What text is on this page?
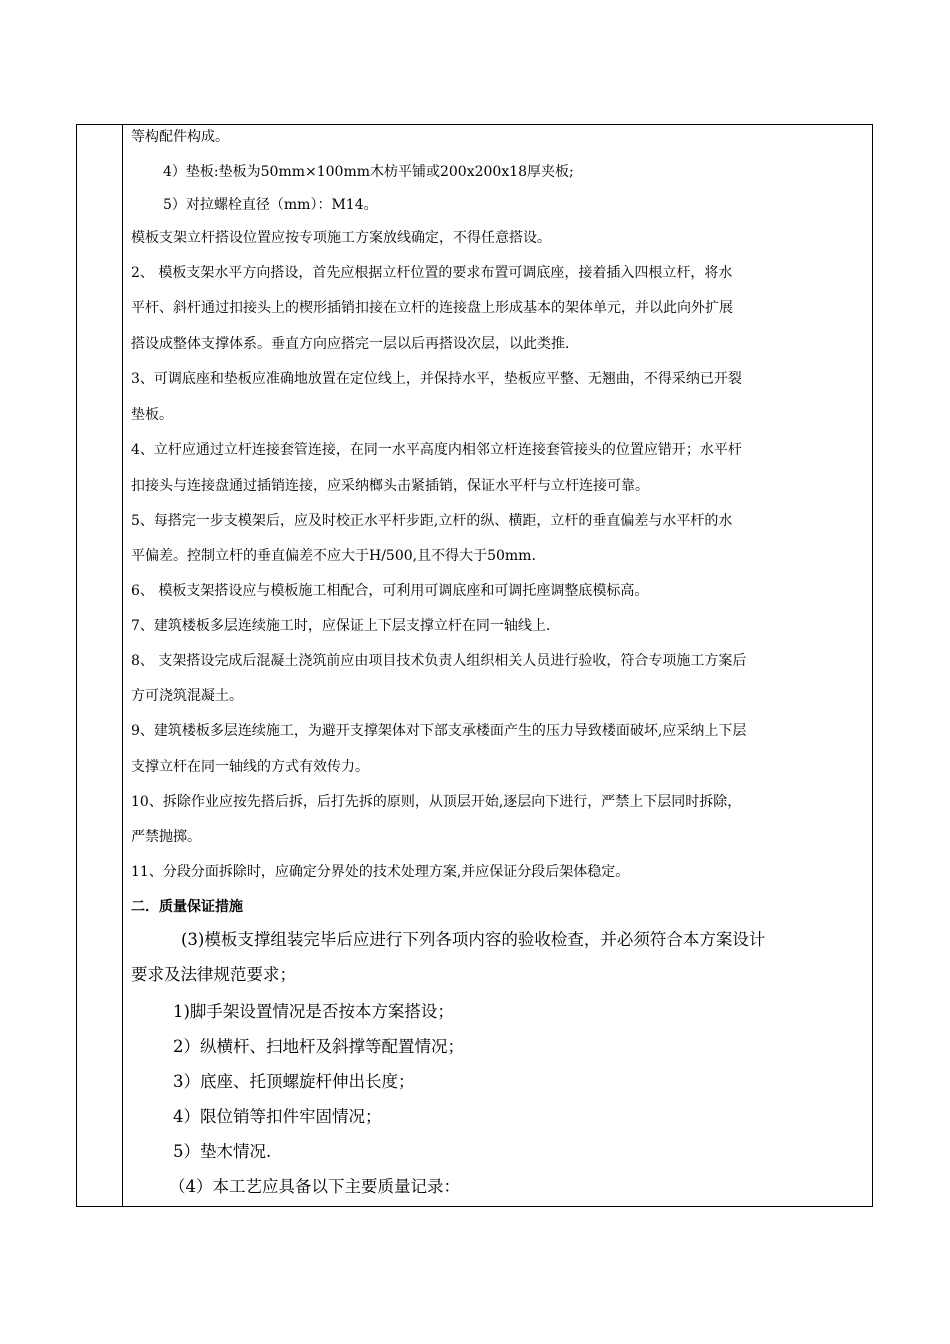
等构配件构成。
4）垫板:垫板为50mm×100mm木枋平铺或200x200x18厚夹板;
5）对拉螺栓直径（mm）：M14。
模板支架立杆搭设位置应按专项施工方案放线确定，不得任意搭设。
2、 模板支架水平方向搭设，首先应根据立杆位置的要求布置可调底座，接着插入四根立杆，将水
平杆、斜杆通过扣接头上的楔形插销扣接在立杆的连接盘上形成基本的架体单元，并以此向外扩展
搭设成整体支撑体系。垂直方向应搭完一层以后再搭设次层，以此类推.
3、可调底座和垫板应准确地放置在定位线上，并保持水平，垫板应平整、无翘曲，不得采纳已开裂
垫板。
4、立杆应通过立杆连接套管连接，在同一水平高度内相邻立杆连接套管接头的位置应错开；水平杆
扣接头与连接盘通过插销连接，应采纳榔头击紧插销，保证水平杆与立杆连接可靠。
5、每搭完一步支模架后，应及时校正水平杆步距,立杆的纵、横距，立杆的垂直偏差与水平杆的水
平偏差。控制立杆的垂直偏差不应大于H/500,且不得大于50mm.
6、 模板支架搭设应与模板施工相配合，可利用可调底座和可调托座调整底模标高。
7、建筑楼板多层连续施工时，应保证上下层支撑立杆在同一轴线上.
8、 支架搭设完成后混凝土浇筑前应由项目技术负责人组织相关人员进行验收，符合专项施工方案后
方可浇筑混凝土。
9、建筑楼板多层连续施工，为避开支撑架体对下部支承楼面产生的压力导致楼面破坏,应采纳上下层
支撑立杆在同一轴线的方式有效传力。
10、拆除作业应按先搭后拆，后打先拆的原则，从顶层开始,逐层向下进行，严禁上下层同时拆除，
严禁抛掷。
11、分段分面拆除时，应确定分界处的技术处理方案,并应保证分段后架体稳定。
二．质量保证措施
(3)模板支撑组装完毕后应进行下列各项内容的验收检查，并必须符合本方案设计
要求及法律规范要求；
1)脚手架设置情况是否按本方案搭设；
2）纵横杆、扫地杆及斜撑等配置情况；
3）底座、托顶螺旋杆伸出长度；
4）限位销等扣件牢固情况；
5）垫木情况.
（4）本工艺应具备以下主要质量记录：
